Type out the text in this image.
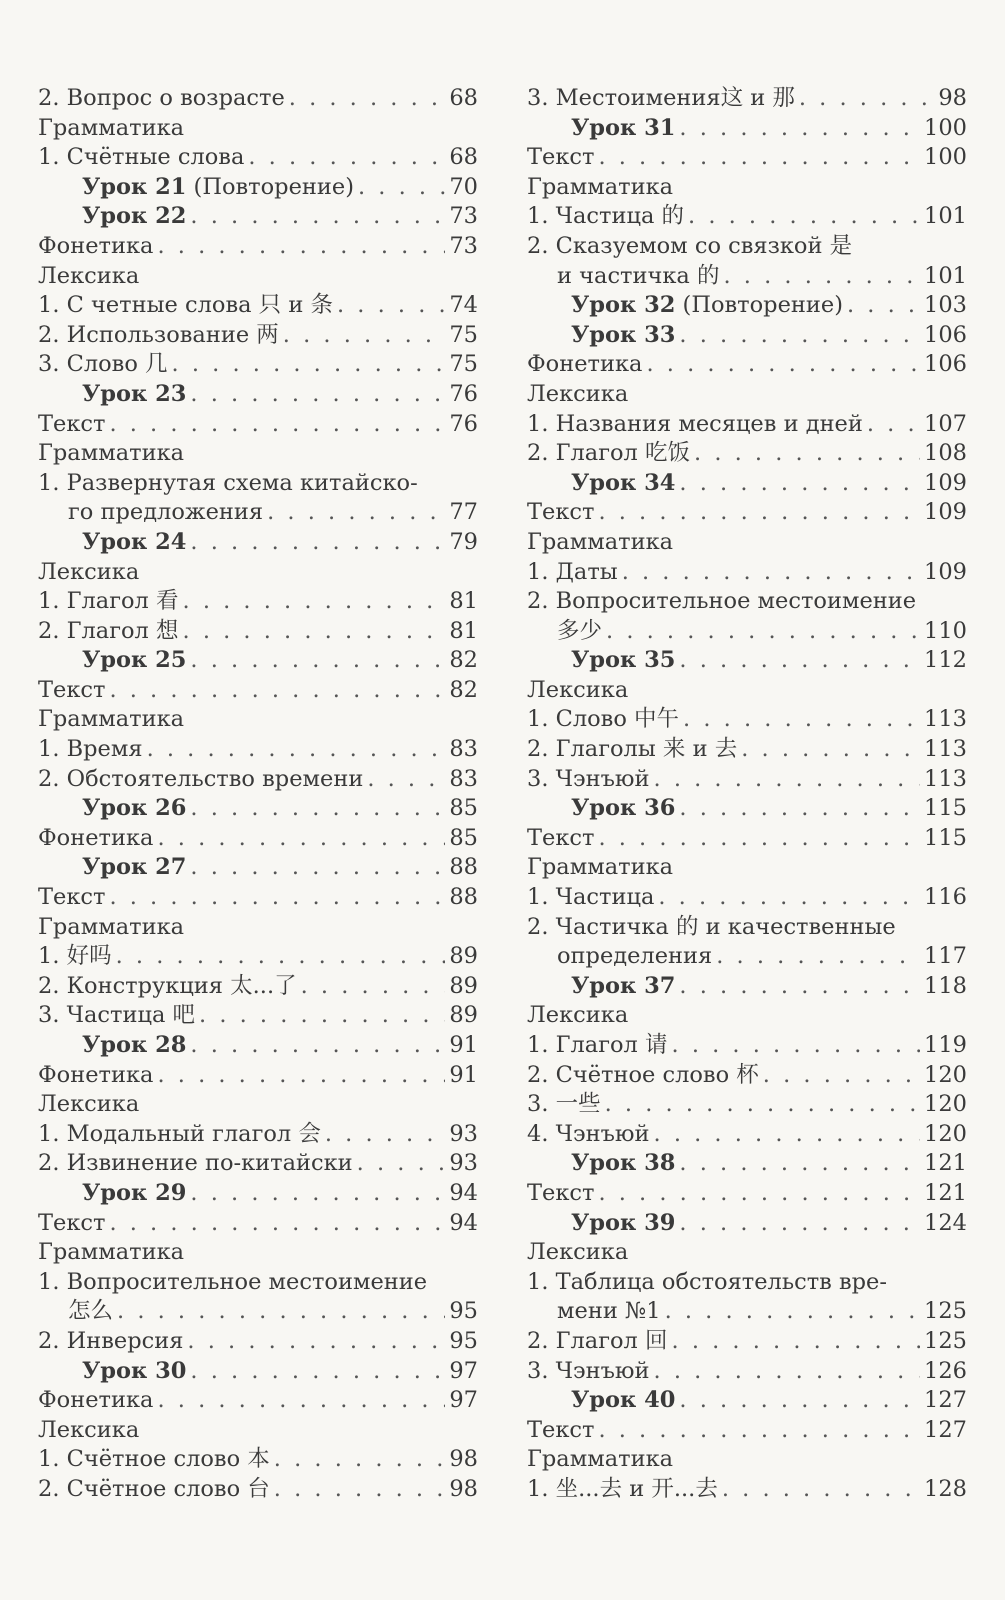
2. Вопрос о возрасте . . .	68
Грамматика
1. Счётные слова . . .	68
Урок 21 (Повторение) . . .	70
Урок 22 . . .	73
Фонетика . . .	73
Лексика
1. С четные слова 只 и 条 . . .	74
2. Использование 两 . . .	75
3. Слово 几 . . .	75
Урок 23 . . .	76
Текст . . .	76
Грамматика
1. Развернутая схема китайско-
го предложения . . .	77
Урок 24 . . .	79
Лексика
1. Глагол 看 . . .	81
2. Глагол 想 . . .	81
Урок 25 . . .	82
Текст . . .	82
Грамматика
1. Время . . .	83
2. Обстоятельство времени . . .	83
Урок 26 . . .	85
Фонетика . . .	85
Урок 27 . . .	88
Текст . . .	88
Грамматика
1. 好吗 . . .	89
2. Конструкция 太...了 . . .	89
3. Частица 吧 . . .	89
Урок 28 . . .	91
Фонетика . . .	91
Лексика
1. Модальный глагол 会 . . .	93
2. Извинение по-китайски . . .	93
Урок 29 . . .	94
Текст . . .	94
Грамматика
1. Вопросительное местоимение
怎么 . . .	95
2. Инверсия . . .	95
Урок 30 . . .	97
Фонетика . . .	97
Лексика
1. Счётное слово 本 . . .	98
2. Счётное слово 台 . . .	98
3. Местоимения这 и 那 . . .	98
Урок 31 . . .	100
Текст . . .	100
Грамматика
1. Частица 的 . . .	101
2. Сказуемом со связкой 是
и частичка 的 . . .	101
Урок 32 (Повторение) . . .	103
Урок 33 . . .	106
Фонетика . . .	106
Лексика
1. Названия месяцев и дней . . .	107
2. Глагол 吃饭 . . .	108
Урок 34 . . .	109
Текст . . .	109
Грамматика
1. Даты . . .	109
2. Вопросительное местоимение
多少 . . .	110
Урок 35 . . .	112
Лексика
1. Слово 中午 . . .	113
2. Глаголы 来 и 去 . . .	113
3. Чэнъюй . . .	113
Урок 36 . . .	115
Текст . . .	115
Грамматика
1. Частица . . .	116
2. Частичка 的 и качественные
определения . . .	117
Урок 37 . . .	118
Лексика
1. Глагол 请 . . .	119
2. Счётное слово 杯 . . .	120
3. 一些 . . .	120
4. Чэнъюй . . .	120
Урок 38 . . .	121
Текст . . .	121
Урок 39 . . .	124
Лексика
1. Таблица обстоятельств вре-
мени №1 . . .	125
2. Глагол 回 . . .	125
3. Чэнъюй . . .	126
Урок 40 . . .	127
Текст . . .	127
Грамматика
1. 坐...去 и 开...去 . . .	128
